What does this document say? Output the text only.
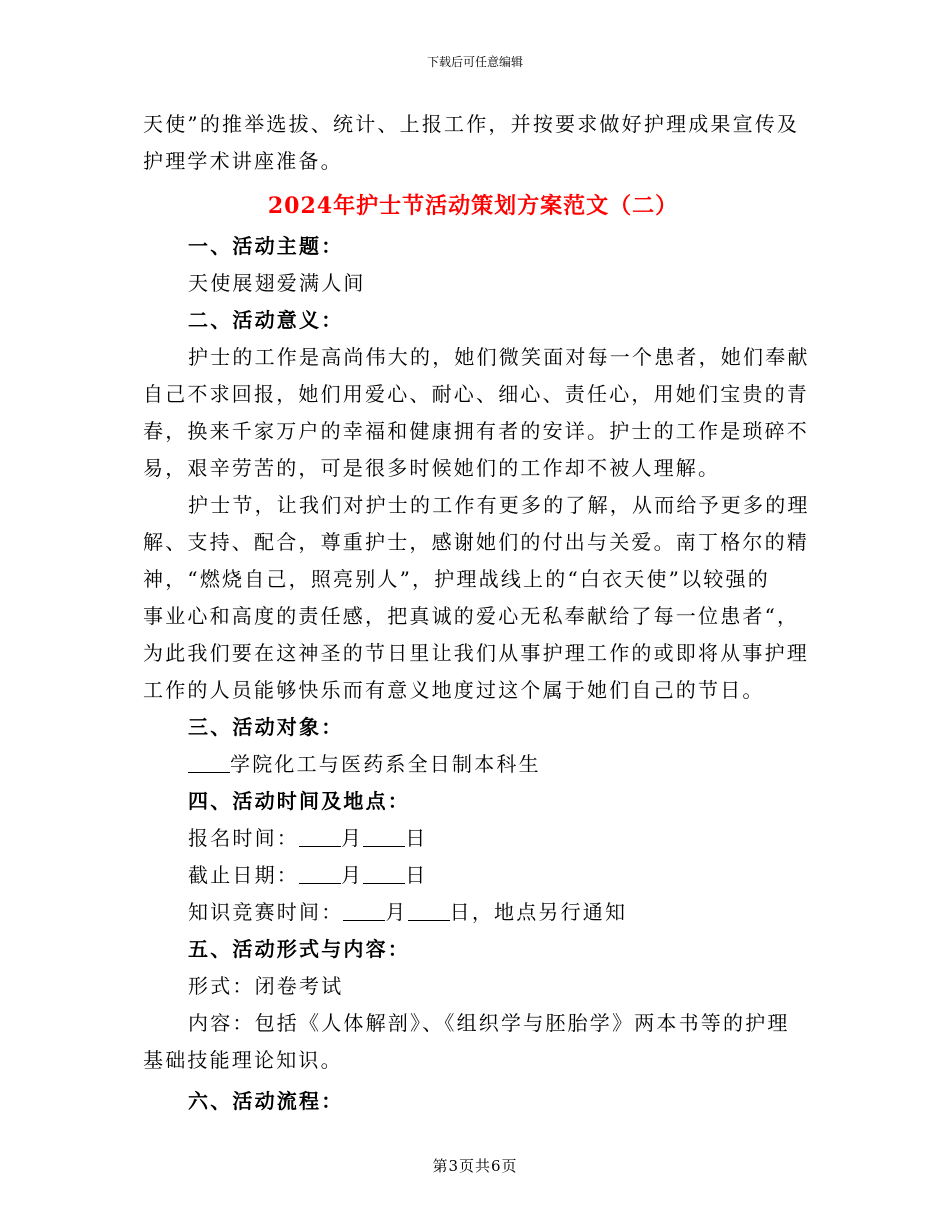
下载后可任意编辑

天使”的推举选拔、统计、上报工作，并按要求做好护理成果宣传及

护理学术讲座准备。

2024年护士节活动策划方案范文（二）

一、活动主题：

天使展翅爱满人间

二、活动意义：

护士的工作是高尚伟大的，她们微笑面对每一个患者，她们奉献

自己不求回报，她们用爱心、耐心、细心、责任心，用她们宝贵的青

春，换来千家万户的幸福和健康拥有者的安详。护士的工作是琐碎不

易，艰辛劳苦的，可是很多时候她们的工作却不被人理解。

护士节，让我们对护士的工作有更多的了解，从而给予更多的理

解、支持、配合，尊重护士，感谢她们的付出与关爱。南丁格尔的精

神，“燃烧自己，照亮别人”，护理战线上的“白衣天使”以较强的

事业心和高度的责任感，把真诚的爱心无私奉献给了每一位患者“，

为此我们要在这神圣的节日里让我们从事护理工作的或即将从事护理

工作的人员能够快乐而有意义地度过这个属于她们自己的节日。

三、活动对象：

学院化工与医药系全日制本科生

四、活动时间及地点：

报名时间： 月 日

截止日期： 月 日

知识竞赛时间： 月 日，地点另行通知

五、活动形式与内容：

形式：闭卷考试

内容：包括《人体解剖》、《组织学与胚胎学》两本书等的护理

基础技能理论知识。

六、活动流程：

第3页共6页
